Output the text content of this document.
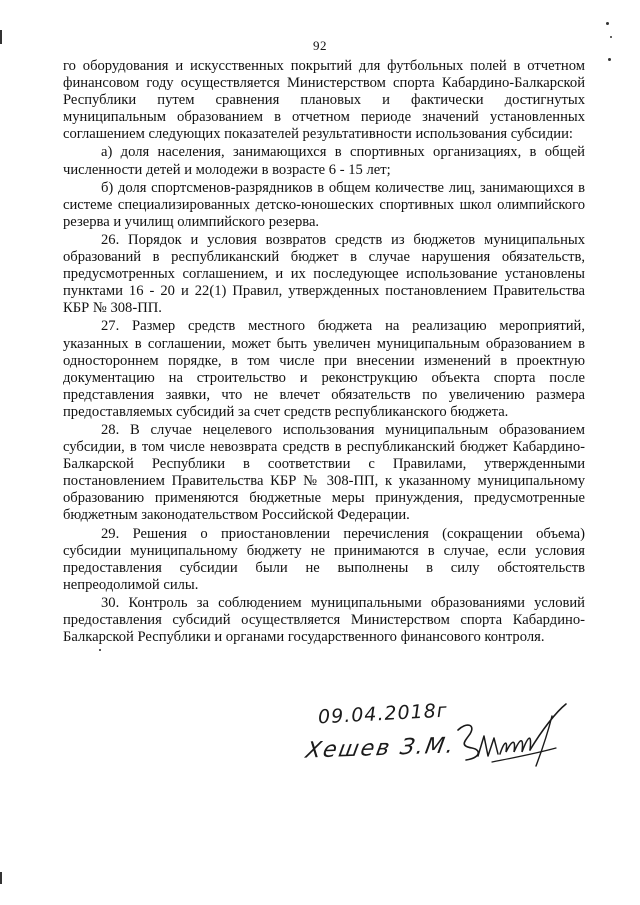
92

го оборудования и искусственных покрытий для футбольных полей в отчетном финансовом году осуществляется Министерством спорта Кабардино-Балкарской Республики путем сравнения плановых и фактически достигнутых муниципальным образованием в отчетном периоде значений установленных соглашением следующих показателей результативности использования субсидии:

а) доля населения, занимающихся в спортивных организациях, в общей численности детей и молодежи в возрасте 6 - 15 лет;

б) доля спортсменов-разрядников в общем количестве лиц, занимающихся в системе специализированных детско-юношеских спортивных школ олимпийского резерва и училищ олимпийского резерва.

26. Порядок и условия возвратов средств из бюджетов муниципальных образований в республиканский бюджет в случае нарушения обязательств, предусмотренных соглашением, и их последующее использование установлены пунктами 16 - 20 и 22(1) Правил, утвержденных постановлением Правительства КБР № 308-ПП.

27. Размер средств местного бюджета на реализацию мероприятий, указанных в соглашении, может быть увеличен муниципальным образованием в одностороннем порядке, в том числе при внесении изменений в проектную документацию на строительство и реконструкцию объекта спорта после представления заявки, что не влечет обязательств по увеличению размера предоставляемых субсидий за счет средств республиканского бюджета.

28. В случае нецелевого использования муниципальным образованием субсидии, в том числе невозврата средств в республиканский бюджет Кабардино-Балкарской Республики в соответствии с Правилами, утвержденными постановлением Правительства КБР № 308-ПП, к указанному муниципальному образованию применяются бюджетные меры принуждения, предусмотренные бюджетным законодательством Российской Федерации.

29. Решения о приостановлении перечисления (сокращении объема) субсидии муниципальному бюджету не принимаются в случае, если условия предоставления субсидии были не выполнены в силу обстоятельств непреодолимой силы.

30. Контроль за соблюдением муниципальными образованиями условий предоставления субсидий осуществляется Министерством спорта Кабардино-Балкарской Республики и органами государственного финансового контроля.

09.04.2018г
Хешев З.М.
